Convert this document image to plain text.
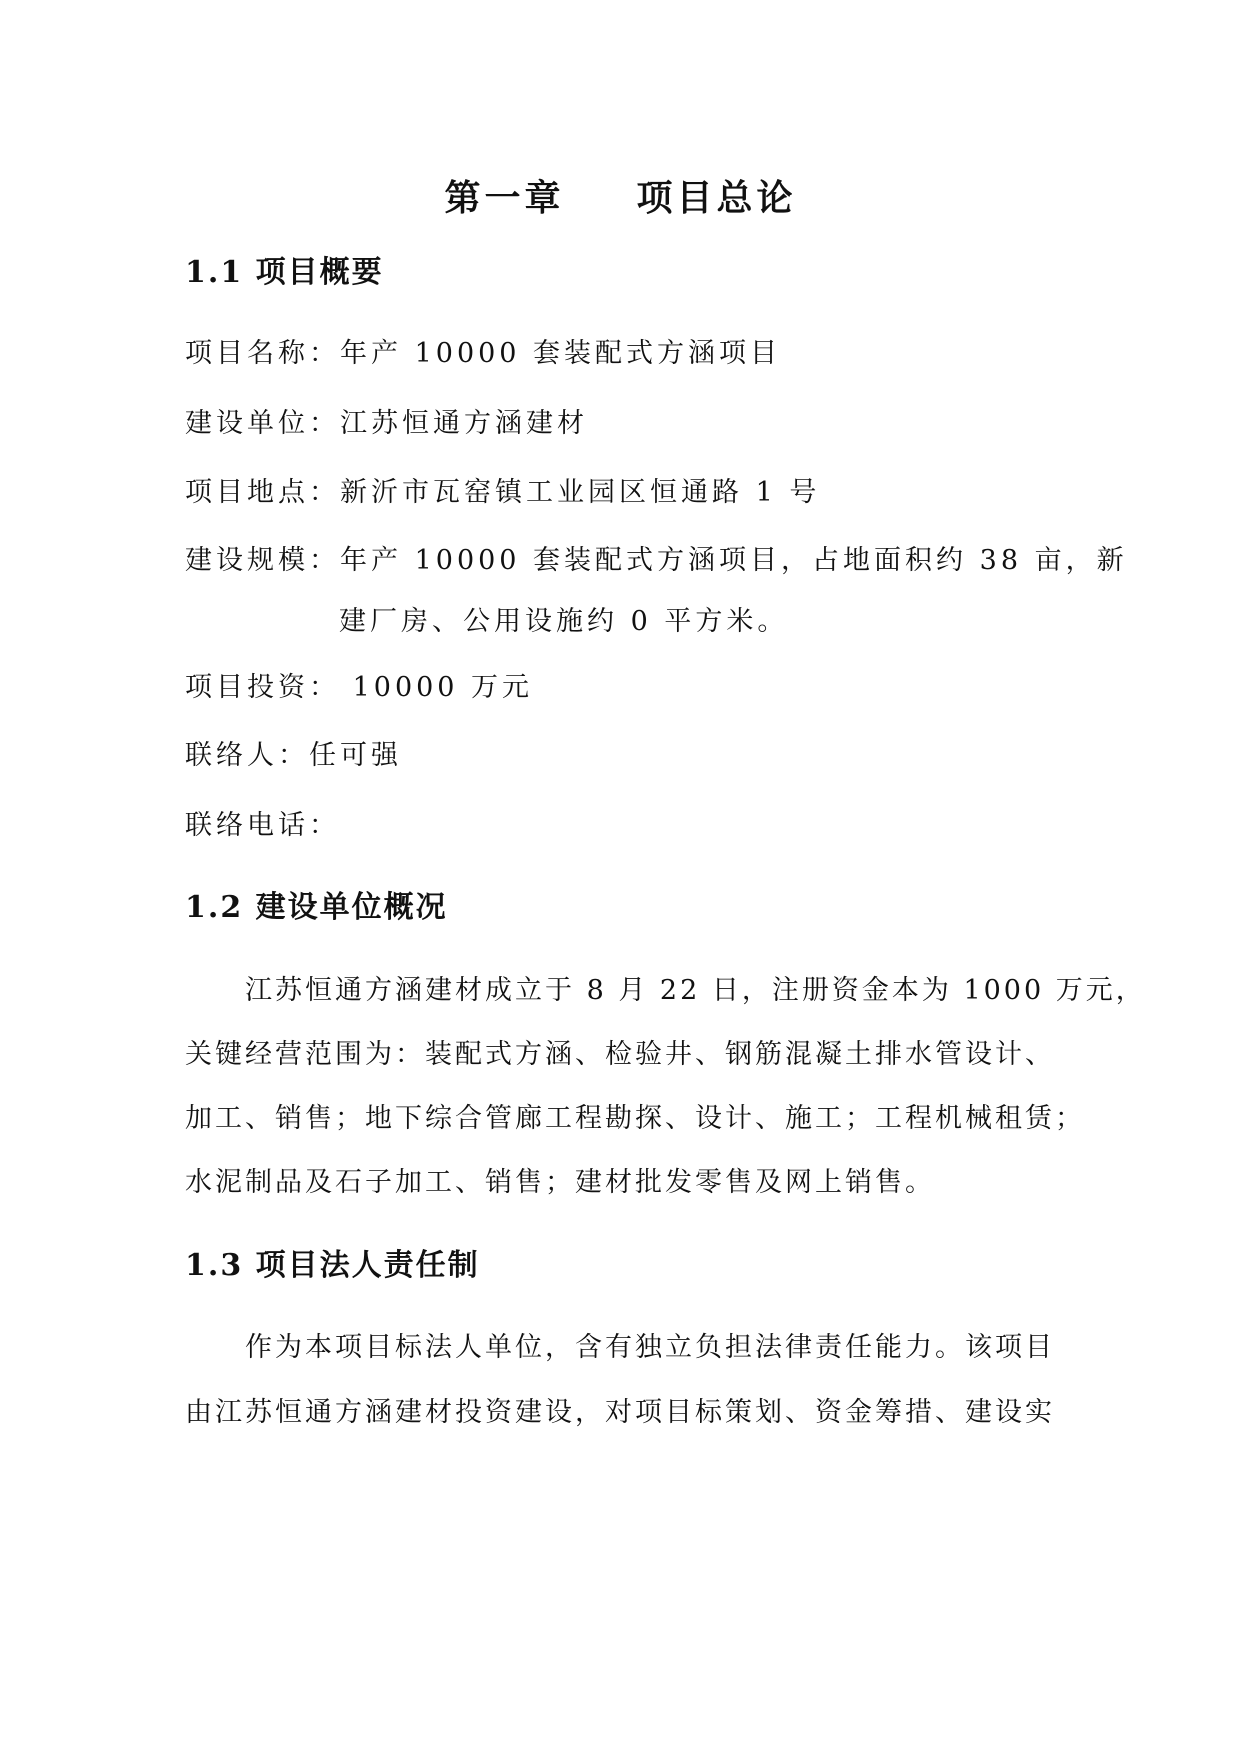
第一章 项目总论
1.1 项目概要
项目名称：年产 10000 套装配式方涵项目
建设单位：江苏恒通方涵建材
项目地点：新沂市瓦窑镇工业园区恒通路 1 号
建设规模：年产 10000 套装配式方涵项目，占地面积约 38 亩，新
建厂房、公用设施约 0 平方米。
项目投资： 10000 万元
联络人：任可强
联络电话：
1.2 建设单位概况
江苏恒通方涵建材成立于 8 月 22 日，注册资金本为 1000 万元，
关键经营范围为：装配式方涵、检验井、钢筋混凝土排水管设计、
加工、销售；地下综合管廊工程勘探、设计、施工；工程机械租赁；
水泥制品及石子加工、销售；建材批发零售及网上销售。
1.3 项目法人责任制
作为本项目标法人单位，含有独立负担法律责任能力。该项目
由江苏恒通方涵建材投资建设，对项目标策划、资金筹措、建设实
